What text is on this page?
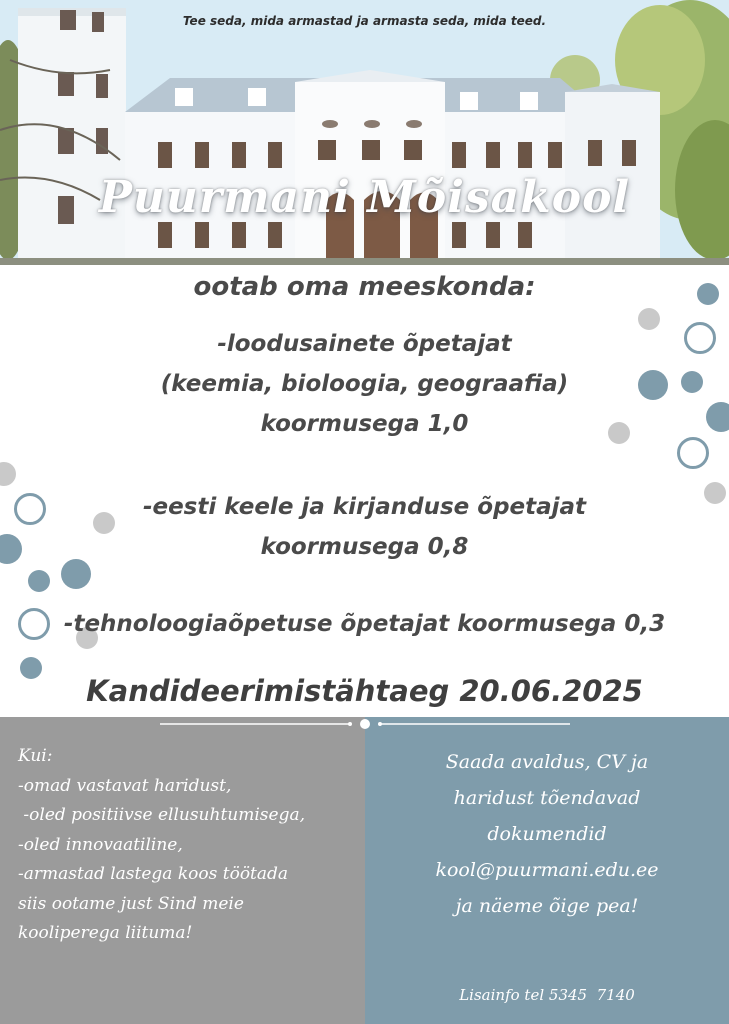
Tee seda, mida armastad ja armasta seda, mida teed.
Puurmani Mõisakool
ootab oma meeskonda:
-loodusainete õpetajat
(keemia, bioloogia, geograafia)
koormusega 1,0
-eesti keele ja kirjanduse õpetajat
koormusega 0,8
-tehnoloogiaõpetuse õpetajat koormusega 0,3
Kandideerimistähtaeg 20.06.2025
Kui:
-omad vastavat haridust,
-oled positiivse ellusuhtumisega,
-oled innovaatiline,
-armastad lastega koos töötada
siis ootame just Sind meie
kooliperega liituma!
Saada avaldus, CV ja
haridust tõendavad
dokumendid
kool@puurmani.edu.ee
ja näeme õige pea!
Lisainfo tel 5345  7140
